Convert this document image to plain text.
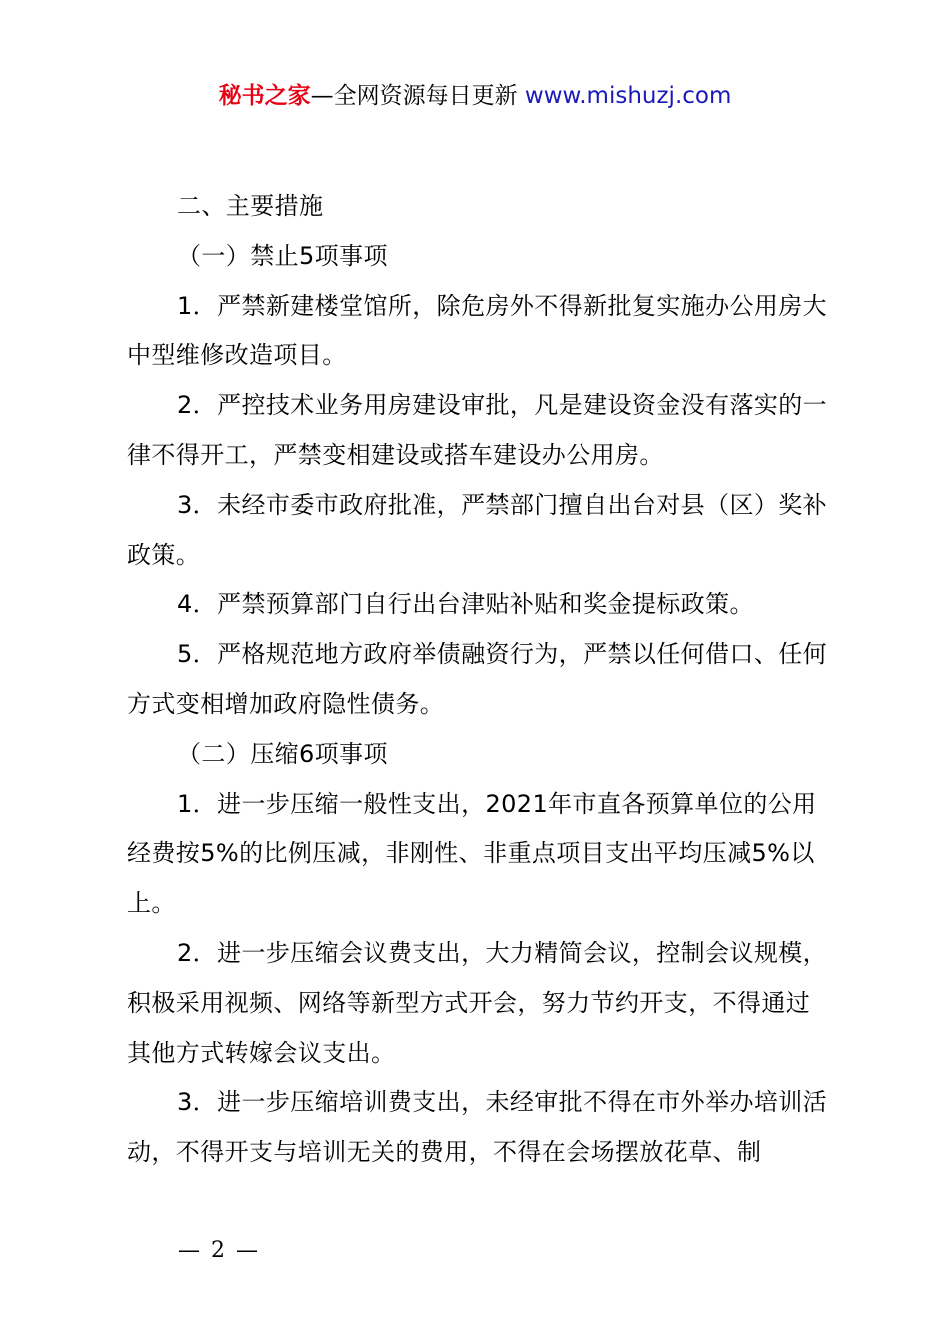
秘书之家—全网资源每日更新 www.mishuzj.com

二、主要措施

（一）禁止5项事项

1．严禁新建楼堂馆所，除危房外不得新批复实施办公用房大中型维修改造项目。

2．严控技术业务用房建设审批，凡是建设资金没有落实的一律不得开工，严禁变相建设或搭车建设办公用房。

3．未经市委市政府批准，严禁部门擅自出台对县（区）奖补政策。

4．严禁预算部门自行出台津贴补贴和奖金提标政策。

5．严格规范地方政府举债融资行为，严禁以任何借口、任何方式变相增加政府隐性债务。

（二）压缩6项事项

1．进一步压缩一般性支出，2021年市直各预算单位的公用经费按5%的比例压减，非刚性、非重点项目支出平均压减5%以上。

2．进一步压缩会议费支出，大力精简会议，控制会议规模，积极采用视频、网络等新型方式开会，努力节约开支，不得通过其他方式转嫁会议支出。

3．进一步压缩培训费支出，未经审批不得在市外举办培训活动，不得开支与培训无关的费用，不得在会场摆放花草、制

— 2 —
